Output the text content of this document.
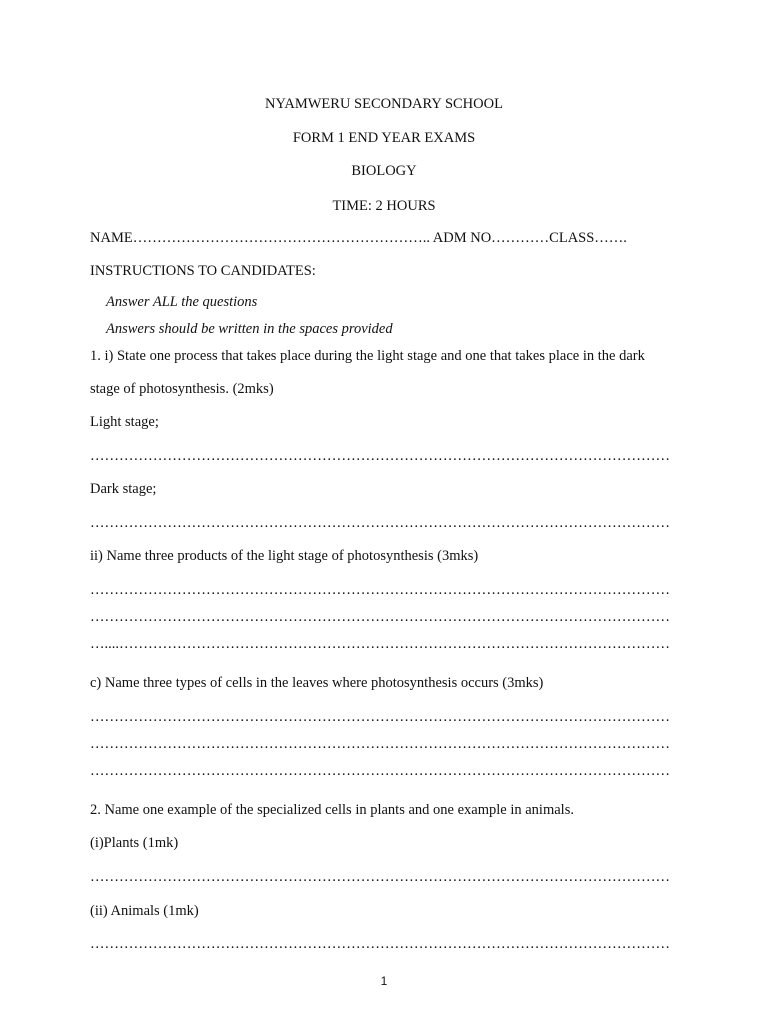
NYAMWERU SECONDARY SCHOOL
FORM 1 END YEAR EXAMS
BIOLOGY
TIME: 2 HOURS
NAME…………………………………………………….. ADM NO…………CLASS…….
INSTRUCTIONS TO CANDIDATES:
Answer ALL the questions
Answers should be written in the spaces provided
1. i) State one process that takes place during the light stage and one that takes place in the dark
stage of photosynthesis. (2mks)
Light stage;
…………………………………………………………………………………………………………
Dark stage;
…………………………………………………………………………………………………………
ii) Name three products of the light stage of photosynthesis (3mks)
…………………………………………………………………………………………………………
…………………………………………………………………………………………………………
…....……………………………………………………………………………………………………
c) Name three types of cells in the leaves where photosynthesis occurs (3mks)
…………………………………………………………………………………………………………
…………………………………………………………………………………………………………
…………………………………………………………………………………………………………
2. Name one example of the specialized cells in plants and one example in animals.
(i)Plants (1mk)
…………………………………………………………………………………………………………
(ii) Animals (1mk)
…………………………………………………………………………………………………………
1
